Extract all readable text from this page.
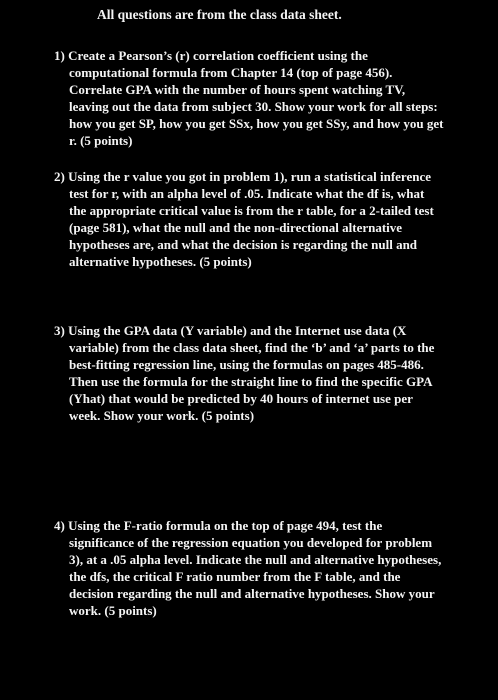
All questions are from the class data sheet.

1) Create a Pearson’s (r) correlation coefficient using the computational formula from Chapter 14 (top of page 456). Correlate GPA with the number of hours spent watching TV, leaving out the data from subject 30. Show your work for all steps: how you get SP, how you get SSx, how you get SSy, and how you get r. (5 points)

2) Using the r value you got in problem 1), run a statistical inference test for r, with an alpha level of .05. Indicate what the df is, what the appropriate critical value is from the r table, for a 2-tailed test (page 581), what the null and the non-directional alternative hypotheses are, and what the decision is regarding the null and alternative hypotheses. (5 points)

3) Using the GPA data (Y variable) and the Internet use data (X variable) from the class data sheet, find the ‘b’ and ‘a’ parts to the best-fitting regression line, using the formulas on pages 485-486. Then use the formula for the straight line to find the specific GPA (Yhat) that would be predicted by 40 hours of internet use per week. Show your work. (5 points)

4) Using the F-ratio formula on the top of page 494, test the significance of the regression equation you developed for problem 3), at a .05 alpha level. Indicate the null and alternative hypotheses, the dfs, the critical F ratio number from the F table, and the decision regarding the null and alternative hypotheses. Show your work. (5 points)
